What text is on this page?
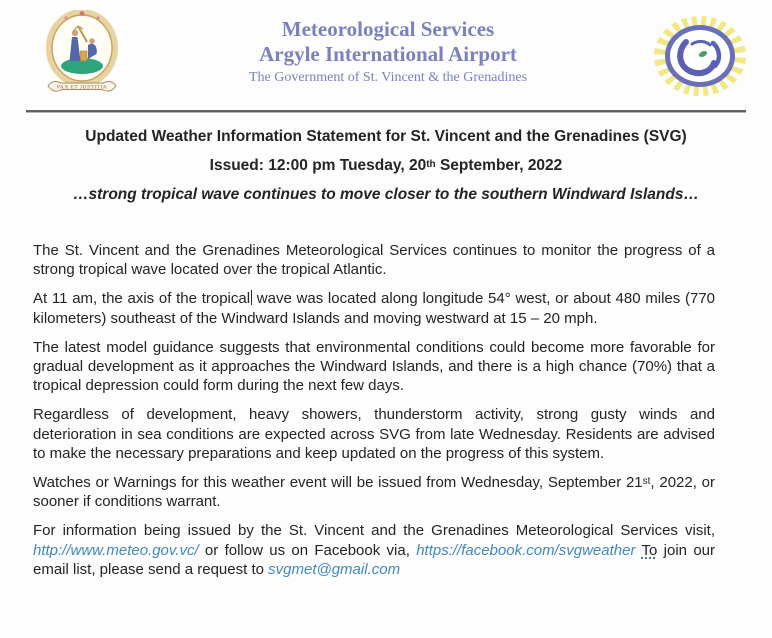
PAX ET JUSTITIA
Meteorological Services
Argyle International Airport
The Government of St. Vincent & the Grenadines
Updated Weather Information Statement for St. Vincent and the Grenadines (SVG)
Issued: 12:00 pm Tuesday, 20th September, 2022
…strong tropical wave continues to move closer to the southern Windward Islands…

The St. Vincent and the Grenadines Meteorological Services continues to monitor the progress of a strong tropical wave located over the tropical Atlantic.

At 11 am, the axis of the tropical wave was located along longitude 54° west, or about 480 miles (770 kilometers) southeast of the Windward Islands and moving westward at 15 – 20 mph.

The latest model guidance suggests that environmental conditions could become more favorable for gradual development as it approaches the Windward Islands, and there is a high chance (70%) that a tropical depression could form during the next few days.

Regardless of development, heavy showers, thunderstorm activity, strong gusty winds and deterioration in sea conditions are expected across SVG from late Wednesday. Residents are advised to make the necessary preparations and keep updated on the progress of this system.

Watches or Warnings for this weather event will be issued from Wednesday, September 21st, 2022, or sooner if conditions warrant.

For information being issued by the St. Vincent and the Grenadines Meteorological Services visit, http://www.meteo.gov.vc/ or follow us on Facebook via, https://facebook.com/svgweather To join our email list, please send a request to svgmet@gmail.com
